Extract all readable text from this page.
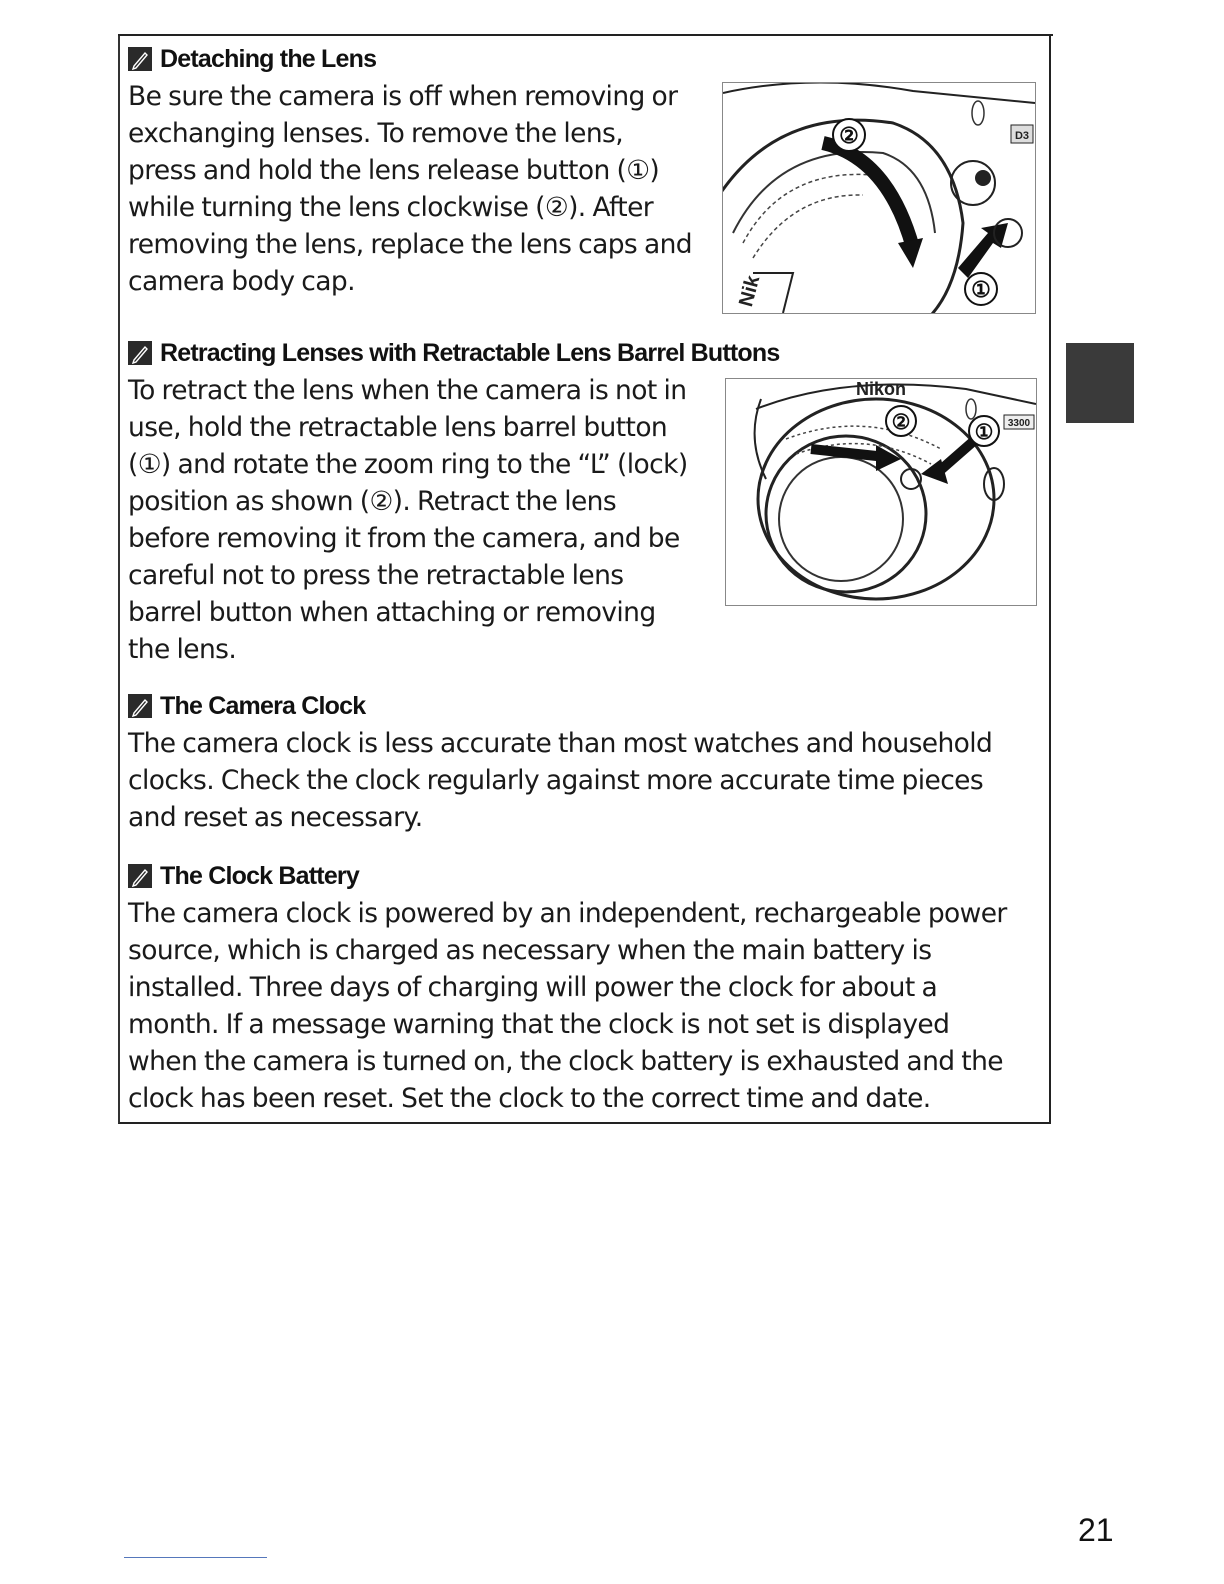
Detaching the Lens
Be sure the camera is off when removing or
exchanging lenses. To remove the lens,
press and hold the lens release button (①)
while turning the lens clockwise (②). After
removing the lens, replace the lens caps and
camera body cap.
②
①
D3
Nik
Retracting Lenses with Retractable Lens Barrel Buttons
To retract the lens when the camera is not in
use, hold the retractable lens barrel button
(①) and rotate the zoom ring to the “L” (lock)
position as shown (②). Retract the lens
before removing it from the camera, and be
careful not to press the retractable lens
barrel button when attaching or removing
the lens.
②	①
Nikon
3300
The Camera Clock
The camera clock is less accurate than most watches and household
clocks. Check the clock regularly against more accurate time pieces
and reset as necessary.
The Clock Battery
The camera clock is powered by an independent, rechargeable power
source, which is charged as necessary when the main battery is
installed. Three days of charging will power the clock for about a
month. If a message warning that the clock is not set is displayed
when the camera is turned on, the clock battery is exhausted and the
clock has been reset. Set the clock to the correct time and date.
21
